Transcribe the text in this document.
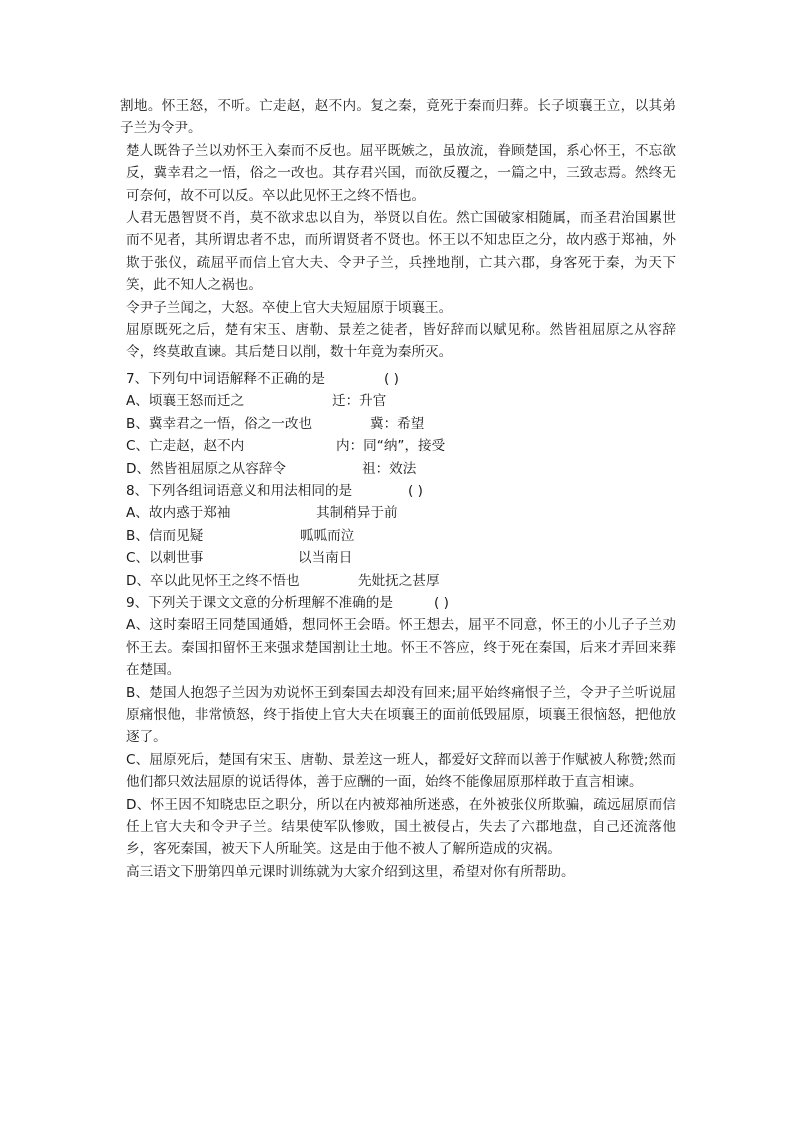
割地。怀王怒，不听。亡走赵，赵不内。复之秦，竟死于秦而归葬。长子顷襄王立，以其弟子兰为令尹。

楚人既咎子兰以劝怀王入秦而不反也。屈平既嫉之，虽放流，眷顾楚国，系心怀王，不忘欲反，冀幸君之一悟，俗之一改也。其存君兴国，而欲反覆之，一篇之中，三致志焉。然终无可奈何，故不可以反。卒以此见怀王之终不悟也。

人君无愚智贤不肖，莫不欲求忠以自为，举贤以自佐。然亡国破家相随属，而圣君治国累世而不见者，其所谓忠者不忠，而所谓贤者不贤也。怀王以不知忠臣之分，故内惑于郑袖，外欺于张仪，疏屈平而信上官大夫、令尹子兰，兵挫地削，亡其六郡，身客死于秦，为天下笑，此不知人之祸也。

令尹子兰闻之，大怒。卒使上官大夫短屈原于顷襄王。

屈原既死之后，楚有宋玉、唐勒、景差之徒者，皆好辞而以赋见称。然皆祖屈原之从容辞令，终莫敢直谏。其后楚日以削，数十年竟为秦所灭。

7、下列句中词语解释不正确的是	( )
A、顷襄王怒而迁之	迁：升官
B、冀幸君之一悟，俗之一改也	冀：希望
C、亡走赵，赵不内	内：同“纳”，接受
D、然皆祖屈原之从容辞令	祖：效法
8、下列各组词语意义和用法相同的是	( )
A、故内惑于郑袖	其制稍异于前
B、信而见疑	呱呱而泣
C、以刺世事	以当南日
D、卒以此见怀王之终不悟也	先妣抚之甚厚
9、下列关于课文文意的分析理解不准确的是	( )

A、这时秦昭王同楚国通婚，想同怀王会晤。怀王想去，屈平不同意，怀王的小儿子子兰劝怀王去。秦国扣留怀王来强求楚国割让土地。怀王不答应，终于死在秦国，后来才弄回来葬在楚国。

B、楚国人抱怨子兰因为劝说怀王到秦国去却没有回来;屈平始终痛恨子兰，令尹子兰听说屈原痛恨他，非常愤怒，终于指使上官大夫在顷襄王的面前低毁屈原，顷襄王很恼怒，把他放逐了。

C、屈原死后，楚国有宋玉、唐勒、景差这一班人，都爱好文辞而以善于作赋被人称赞;然而他们都只效法屈原的说话得体，善于应酬的一面，始终不能像屈原那样敢于直言相谏。

D、怀王因不知晓忠臣之职分，所以在内被郑袖所迷惑，在外被张仪所欺骗，疏远屈原而信任上官大夫和令尹子兰。结果使军队惨败，国土被侵占，失去了六郡地盘，自己还流落他乡，客死秦国，被天下人所耻笑。这是由于他不被人了解所造成的灾祸。

高三语文下册第四单元课时训练就为大家介绍到这里，希望对你有所帮助。
